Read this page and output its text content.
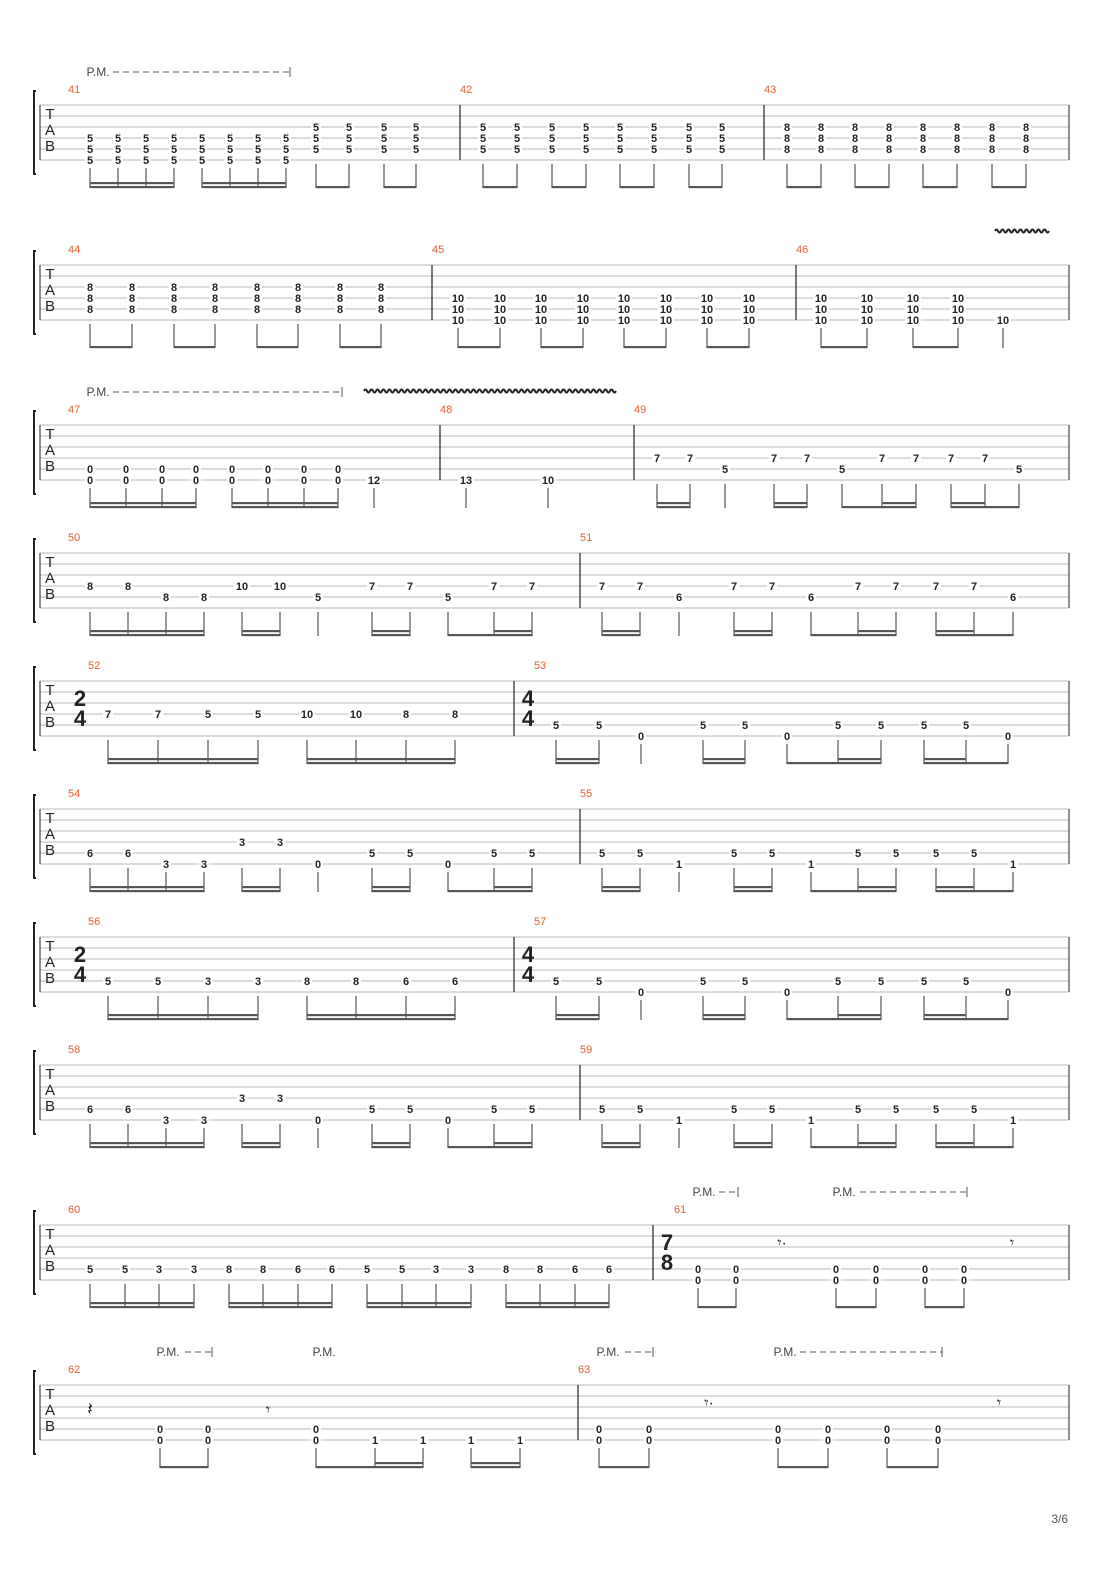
41	42	43
T
A
B
P.M.
5
5
5
5
5
5
5
5
5
5
5
5
5
5
5
5
5
5
5
5
5
5
5
5
5
5
5
5
5
5
5
5
5
5
5
5
5
5
5
5
5
5
5
5
5
5
5
5
5
5
5
5
5
5
5
5
5
5
5
5
8
8
8
8
8
8
8
8
8
8
8
8
8
8
8
8
8
8
8
8
8
8
8
8
44	45	46
T
A
B
8
8
8
8
8
8
8
8
8
8
8
8
8
8
8
8
8
8
8
8
8
8
8
8
10
10
10
10
10
10
10
10
10
10
10
10
10
10
10
10
10
10
10
10
10
10
10
10
10
10
10
10
10
10
10
10
10
10
10
10	10
47	48	49
T
A
B
P.M.
0
0
0
0
0
0
0
0
0
0
0
0
0
0
0
0 12	13	10
7 7
5
7 7
5
7	7	7	7
5
50	51
T
A
B	8	8
8	8
10 10
5
7	7
5
7	7	7	7
6
7	7
6
7	7	7	7
6
52	53
T
A
B
2
4 7	7	5	5	10	10	8	8
4
4 5	5
0
5	5
0
5	5	5	5
0
54	55
T
A
B	6	6
3	3
3	3
0
5	5
0
5	5	5	5
1
5	5
1
5	5	5	5
1
56	57
T
A
B
2
4 5	5	3	3	8	8	6	6
4
4 5	5
0
5	5
0
5	5	5	5
0
58	59
T
A
B	6	6
3	3
3	3
0
5	5
0
5	5	5	5
1
5	5
1
5	5	5	5
1
60	61
T
A
B
P.M.	P.M.
5	5	3	3	8	8	6	6	5	5	3	3	8	8	6	6
7
8 0
0
0
0
0
0
0
0
0
0
0
0
𝄾·	𝄾
62	63
T
A
B
P.M.	P.M.	P.M.	P.M.
0
0
0
0
0
0	1	1	1	1
𝄽	𝄾
0
0
0
0
0
0
0
0
0
0
0
0
𝄾·	𝄾
3/6
